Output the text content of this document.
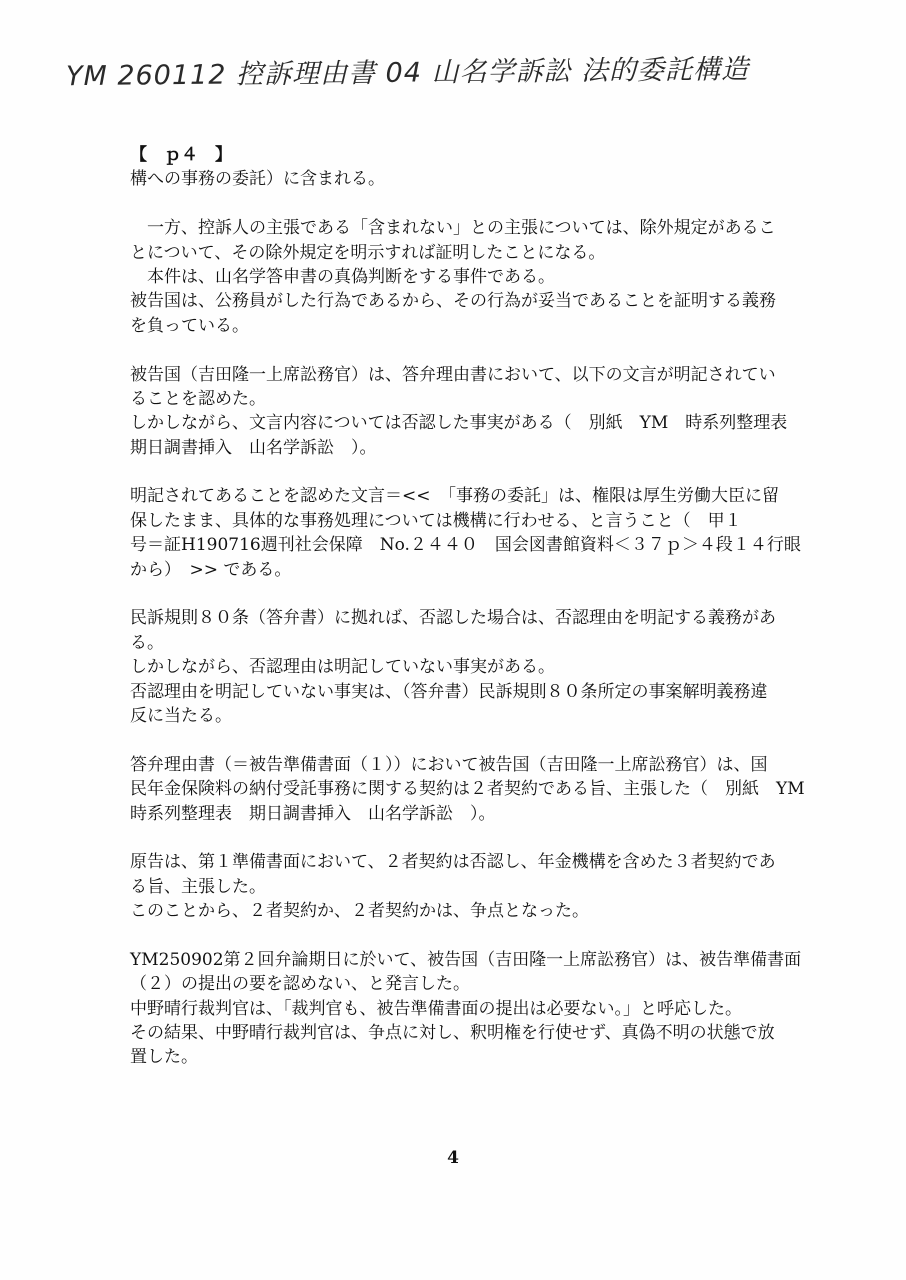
YM 260112 控訴理由書 04 山名学訴訟 法的委託構造
【　ｐ４　】
構への事務の委託）に含まれる。
　一方、控訴人の主張である「含まれない」との主張については、除外規定があるこ
とについて、その除外規定を明示すれば証明したことになる。
　本件は、山名学答申書の真偽判断をする事件である。
被告国は、公務員がした行為であるから、その行為が妥当であることを証明する義務
を負っている。
被告国（吉田隆一上席訟務官）は、答弁理由書において、以下の文言が明記されてい
ることを認めた。
しかしながら、文言内容については否認した事実がある（　別紙　YM　時系列整理表
期日調書挿入　山名学訴訟　）。
明記されてあることを認めた文言＝<<　「事務の委託」は、権限は厚生労働大臣に留
保したまま、具体的な事務処理については機構に行わせる、と言うこと（　甲１
号＝証H190716週刊社会保障　No.２４４０　国会図書館資料＜３７ｐ＞４段１４行眼
から）　>> である。
民訴規則８０条（答弁書）に拠れば、否認した場合は、否認理由を明記する義務があ
る。
しかしながら、否認理由は明記していない事実がある。
否認理由を明記していない事実は、（答弁書）民訴規則８０条所定の事案解明義務違
反に当たる。
答弁理由書（＝被告準備書面（１））において被告国（吉田隆一上席訟務官）は、国
民年金保険料の納付受託事務に関する契約は２者契約である旨、主張した（　別紙　YM
時系列整理表　期日調書挿入　山名学訴訟　）。
原告は、第１準備書面において、２者契約は否認し、年金機構を含めた３者契約であ
る旨、主張した。
このことから、２者契約か、２者契約かは、争点となった。
YM250902第２回弁論期日に於いて、被告国（吉田隆一上席訟務官）は、被告準備書面
（２）の提出の要を認めない、と発言した。
中野晴行裁判官は、「裁判官も、被告準備書面の提出は必要ない。」と呼応した。
その結果、中野晴行裁判官は、争点に対し、釈明権を行使せず、真偽不明の状態で放
置した。
4
